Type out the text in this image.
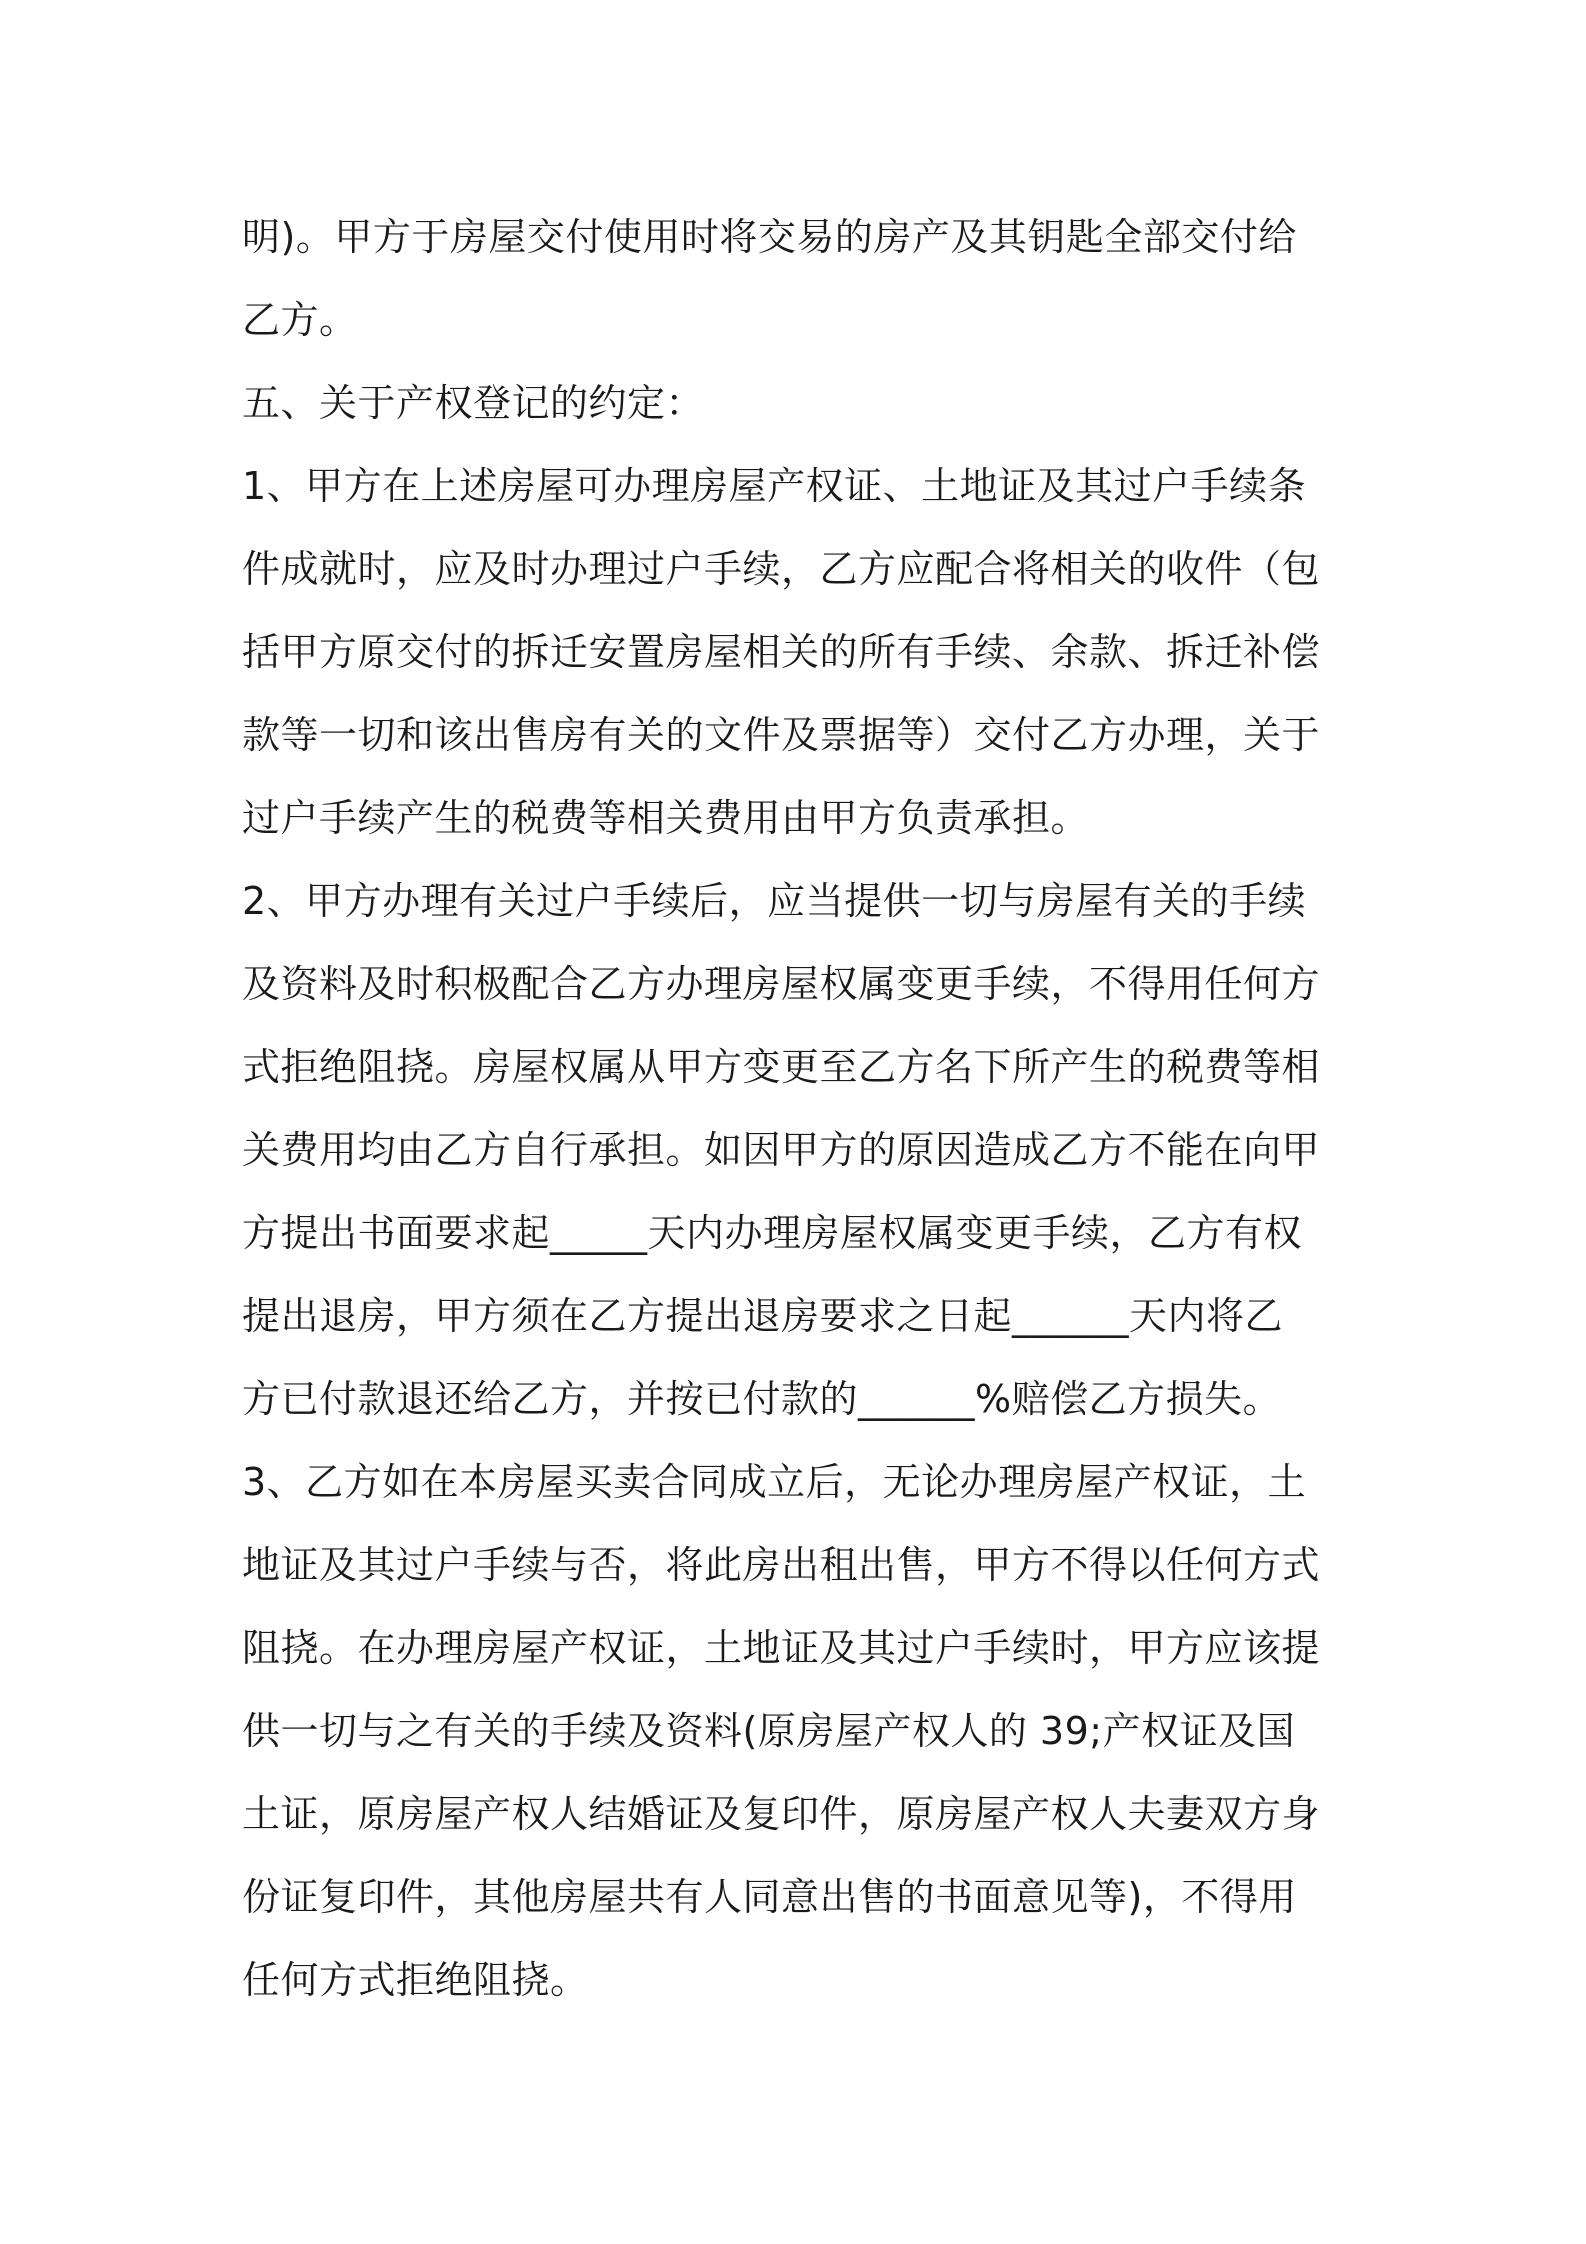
明)。甲方于房屋交付使用时将交易的房产及其钥匙全部交付给
乙方。

五、关于产权登记的约定：

1、甲方在上述房屋可办理房屋产权证、土地证及其过户手续条
件成就时，应及时办理过户手续，乙方应配合将相关的收件（包
括甲方原交付的拆迁安置房屋相关的所有手续、余款、拆迁补偿
款等一切和该出售房有关的文件及票据等）交付乙方办理，关于
过户手续产生的税费等相关费用由甲方负责承担。

2、甲方办理有关过户手续后，应当提供一切与房屋有关的手续
及资料及时积极配合乙方办理房屋权属变更手续，不得用任何方
式拒绝阻挠。房屋权属从甲方变更至乙方名下所产生的税费等相
关费用均由乙方自行承担。如因甲方的原因造成乙方不能在向甲
方提出书面要求起_____天内办理房屋权属变更手续，乙方有权
提出退房，甲方须在乙方提出退房要求之日起______天内将乙
方已付款退还给乙方，并按已付款的______%赔偿乙方损失。

3、乙方如在本房屋买卖合同成立后，无论办理房屋产权证，土
地证及其过户手续与否，将此房出租出售，甲方不得以任何方式
阻挠。在办理房屋产权证，土地证及其过户手续时，甲方应该提
供一切与之有关的手续及资料(原房屋产权人的 39;产权证及国
土证，原房屋产权人结婚证及复印件，原房屋产权人夫妻双方身
份证复印件，其他房屋共有人同意出售的书面意见等)，不得用
任何方式拒绝阻挠。
